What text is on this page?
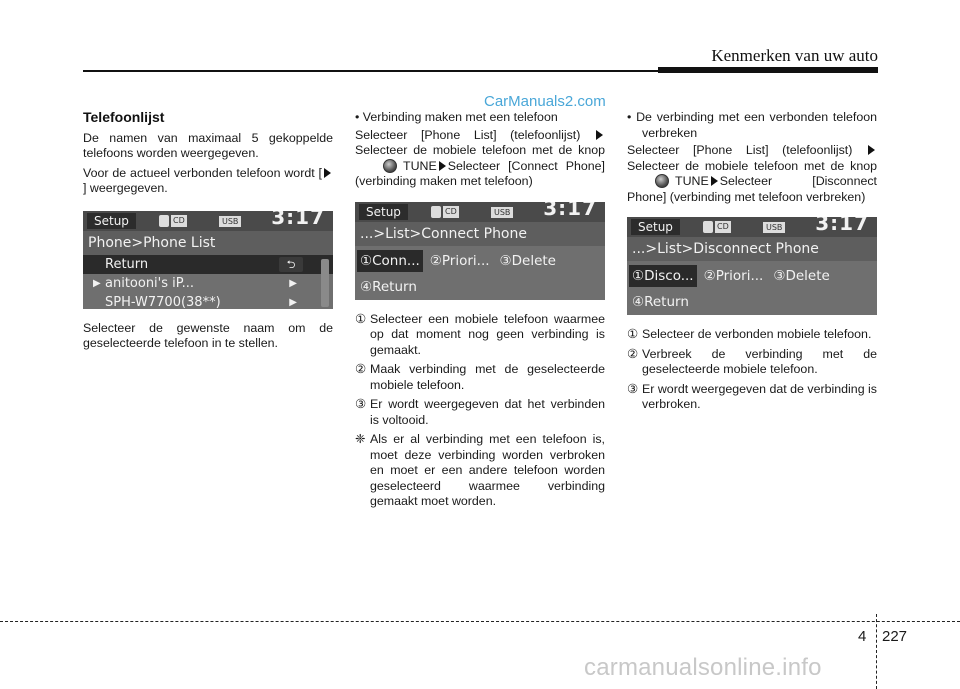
Kenmerken van uw auto
CarManuals2.com
Telefoonlijst

De namen van maximaal 5 gekoppelde telefoons worden weergegeven.

Voor de actueel verbonden telefoon wordt [] weergegeven.

Setup	CD	USB 3:17
Phone>Phone List
Return	⮌
▶ anitooni's iP...	▶
SPH-W7700(38**)	▶

Selecteer de gewenste naam om de geselecteerde telefoon in te stellen.

• Verbinding maken met een telefoon

Selecteer [Phone List] (telefoonlijst)  Selecteer de mobiele telefoon met de knopTUNE Selecteer [Connect Phone] (verbinding maken met telefoon)

Setup	CD	USB 3:17
...>List>Connect Phone
①Conn... ②Priori... ③Delete
④Return
① Selecteer een mobiele telefoon waarmee op dat moment nog geen verbinding is gemaakt.
② Maak verbinding met de geselecteerde mobiele telefoon.
③ Er wordt weergegeven dat het verbinden is voltooid.
❈ Als er al verbinding met een telefoon is, moet deze verbinding worden verbroken en moet er een andere telefoon worden geselecteerd waarmee verbinding gemaakt moet worden.

• De verbinding met een verbonden telefoon verbreken

Selecteer [Phone List] (telefoonlijst)  Selecteer de mobiele telefoon met de knopTUNE Selecteer [Disconnect Phone] (verbinding met telefoon verbreken)

Setup	CD	USB 3:17
...>List>Disconnect Phone
①Disco... ②Priori... ③Delete
④Return
① Selecteer de verbonden mobiele telefoon.
② Verbreek de verbinding met de geselecteerde mobiele telefoon.
③ Er wordt weergegeven dat de verbinding is verbroken.
4 227
carmanualsonline.info
